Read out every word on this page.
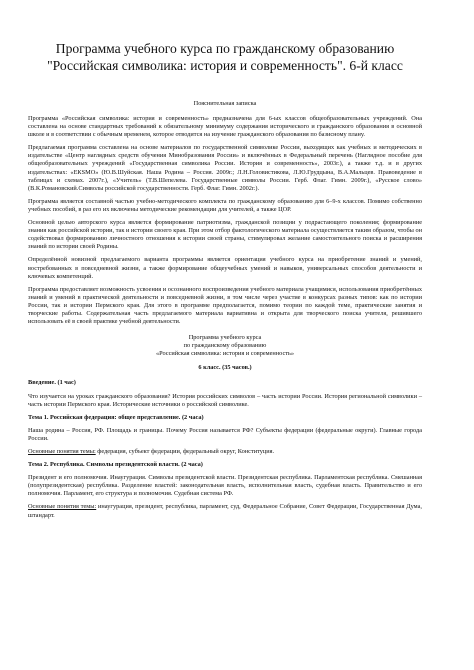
Программа учебного курса по гражданскому образованию "Российская символика: история и современность". 6-й класс
Пояснительная записка

Программа «Российская символика: история и современность» предназначена для 6-ых классов общеобразовательных учреждений. Она составлена на основе стандартных требований к обязательному минимуму содержания исторического и гражданского образования в основной школе и в соответствии с обычным временем, которое отводится на изучение гражданского образования по базисному плану.

Предлагаемая программа составлена на основе материалов по государственной символике России, выходящих как учебных и методических в издательстве «Центр наглядных средств обучения Минобразования России» и включённых в Федеральный перечень (Наглядное пособие для общеобразовательных учреждений «Государственная символика России. История и современность», 2003г.), а также т.д. и в других издательствах: «ЕКSМО» (Ю.В.Шуйская. Наша Родина – Россия. 2009г.; Л.Н.Головистикова, Л.Ю.Грудцына, В.А.Мальцев. Правоведение в таблицах и схемах. 2007г.), «Учитель» (Т.В.Шепелева. Государственные символы России. Герб. Флаг. Гимн. 2009г.), «Русское слово» (В.К.Романовский.Символы российской государственности. Герб. Флаг. Гимн. 2002г.).

Программа является составной частью учебно-методического комплекта по гражданскому образованию для 6–9-х классов. Помимо собственно учебных пособий, в раз его их включены методические рекомендации для учителей, а также ЦОР.

Основной целью авторского курса является формирование патриотизма, гражданской позиции у подрастающего поколения; формирование знания как российской истории, так и истории своего края. При этом отбор фактологического материала осуществляется таким образом, чтобы он содействовал формированию личностного отношения к истории своей страны, стимулировал желание самостоятельного поиска и расширения знаний по истории своей Родины.

Определённой новизной предлагаемого варианта программы является ориентация учебного курса на приобретение знаний и умений, востребованных в повседневной жизни, а также формирование общеучебных умений и навыков, универсальных способов деятельности и ключевых компетенций.

Программа предоставляет возможность усвоения и осознанного воспроизведения учебного материала учащимися, использования приобретённых знаний и умений в практической деятельности и повседневной жизни, в том числе через участие в конкурсах разных типов: как по истории России, так и истории Пермского края. Для этого в программе предполагается, помимо теории по каждой теме, практические занятия и творческие работы. Содержательная часть предлагаемого материала вариативна и открыта для творческого поиска учителя, решившего использовать её в своей практике учебной деятельности.

Программа учебного курса
по гражданскому образованию
«Российская символика: история и современность»
6 класс. (35 часов.)

Введение. (1 час)

Что изучается на уроках гражданского образования? История российских символов – часть истории России. История региональной символики – часть истории Пермского края. Исторические источники о российской символике.

Тема 1. Российская федерация: общее представление. (2 часа)

Наша родина – Россия, РФ. Площадь и границы. Почему Россия называется РФ? Субъекты федерации (федеральные округи). Главные города России.

Основные понятия темы: федерация, субъект федерации, федеральный округ, Конституция.

Тема 2. Республика. Символы президентской власти. (2 часа)

Президент и его полномочия. Инаугурация. Символы президентской власти. Президентская республика. Парламентская республика. Смешанная (полупрезидентская) республика. Разделение властей: законодательная власть, исполнительная власть, судебная власть. Правительство и его полномочия. Парламент, его структура и полномочия. Судебная система РФ.

Основные понятия темы: инаугурация, президент, республика, парламент, суд, Федеральное Собрание, Совет Федерации, Государственная Дума, штандарт.
